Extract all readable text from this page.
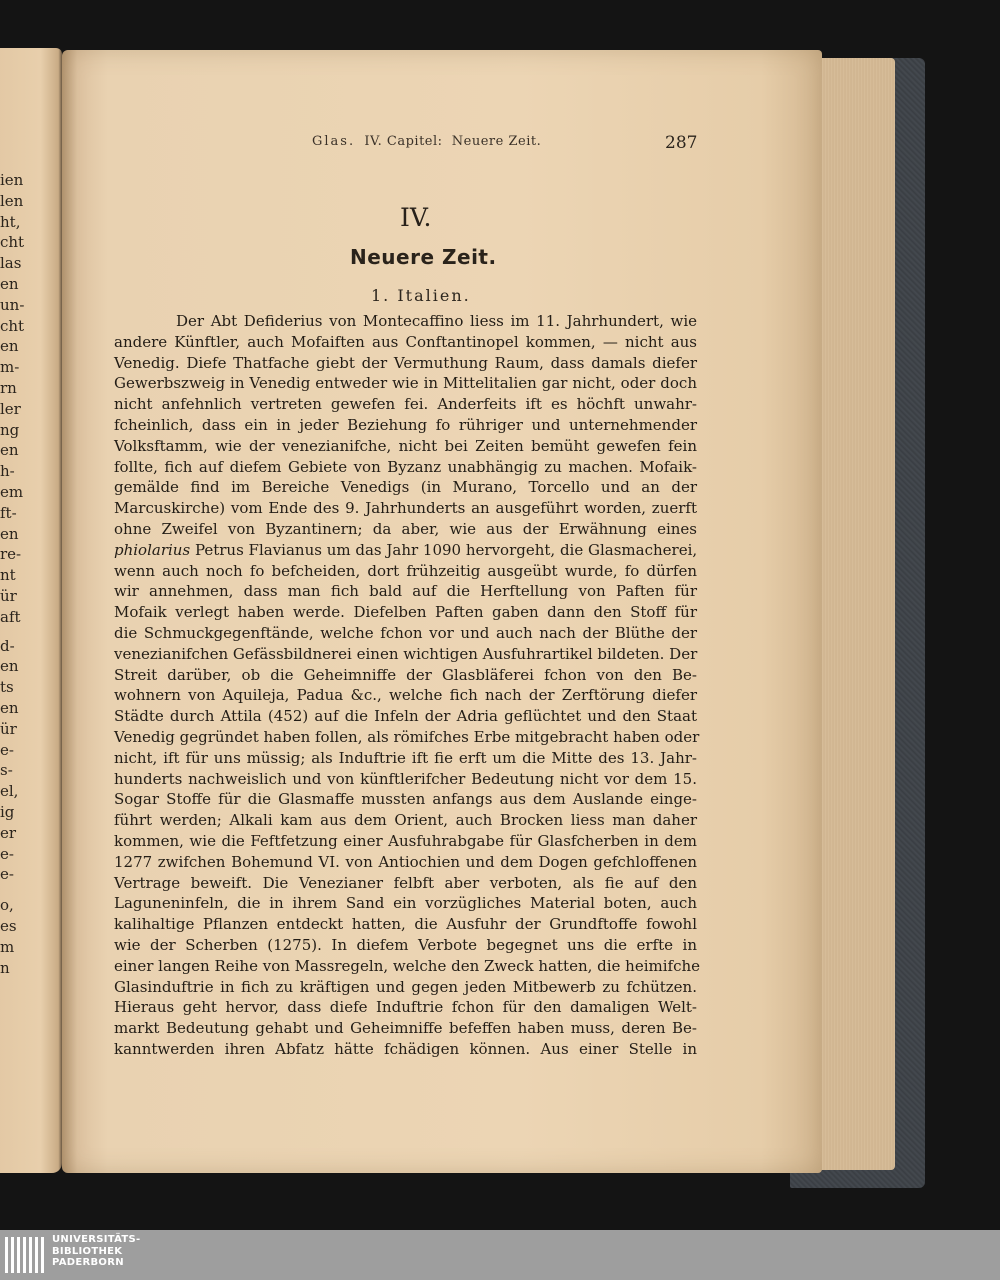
ien
len
ht,
cht
las
en
un-
cht
en
m-
rn
ler
ng
en
h-
em
ft-
en
re-
nt
ür
aft
d-
en
ts
en
ür
e-
s-
el,
ig
er
e-
e-
o,
es
m
n
Glas. IV. Capitel: Neuere Zeit.	287
IV.
Neuere Zeit.
1. Italien.
Der Abt Defiderius von Montecaffino liess im 11. Jahrhundert, wie
andere Künftler, auch Mofaiften aus Conftantinopel kommen, — nicht aus
Venedig. Diefe Thatfache giebt der Vermuthung Raum, dass damals diefer
Gewerbszweig in Venedig entweder wie in Mittelitalien gar nicht, oder doch
nicht anfehnlich vertreten gewefen fei. Anderfeits ift es höchft unwahr-
fcheinlich, dass ein in jeder Beziehung fo rühriger und unternehmender
Volksftamm, wie der venezianifche, nicht bei Zeiten bemüht gewefen fein
follte, fich auf diefem Gebiete von Byzanz unabhängig zu machen. Mofaik-
gemälde find im Bereiche Venedigs (in Murano, Torcello und an der
Marcuskirche) vom Ende des 9. Jahrhunderts an ausgeführt worden, zuerft
ohne Zweifel von Byzantinern; da aber, wie aus der Erwähnung eines
phiolarius Petrus Flavianus um das Jahr 1090 hervorgeht, die Glasmacherei,
wenn auch noch fo befcheiden, dort frühzeitig ausgeübt wurde, fo dürfen
wir annehmen, dass man fich bald auf die Herftellung von Paften für
Mofaik verlegt haben werde. Diefelben Paften gaben dann den Stoff für
die Schmuckgegenftände, welche fchon vor und auch nach der Blüthe der
venezianifchen Gefässbildnerei einen wichtigen Ausfuhrartikel bildeten. Der
Streit darüber, ob die Geheimniffe der Glasbläferei fchon von den Be-
wohnern von Aquileja, Padua &c., welche fich nach der Zerftörung diefer
Städte durch Attila (452) auf die Infeln der Adria geflüchtet und den Staat
Venedig gegründet haben follen, als römifches Erbe mitgebracht haben oder
nicht, ift für uns müssig; als Induftrie ift fie erft um die Mitte des 13. Jahr-
hunderts nachweislich und von künftlerifcher Bedeutung nicht vor dem 15.
Sogar Stoffe für die Glasmaffe mussten anfangs aus dem Auslande einge-
führt werden; Alkali kam aus dem Orient, auch Brocken liess man daher
kommen, wie die Feftfetzung einer Ausfuhrabgabe für Glasfcherben in dem
1277 zwifchen Bohemund VI. von Antiochien und dem Dogen gefchloffenen
Vertrage beweift. Die Venezianer felbft aber verboten, als fie auf den
Laguneninfeln, die in ihrem Sand ein vorzügliches Material boten, auch
kalihaltige Pflanzen entdeckt hatten, die Ausfuhr der Grundftoffe fowohl
wie der Scherben (1275). In diefem Verbote begegnet uns die erfte in
einer langen Reihe von Massregeln, welche den Zweck hatten, die heimifche
Glasinduftrie in fich zu kräftigen und gegen jeden Mitbewerb zu fchützen.
Hieraus geht hervor, dass diefe Induftrie fchon für den damaligen Welt-
markt Bedeutung gehabt und Geheimniffe befeffen haben muss, deren Be-
kanntwerden ihren Abfatz hätte fchädigen können. Aus einer Stelle in
UNIVERSITÄTS-
BIBLIOTHEK
PADERBORN
